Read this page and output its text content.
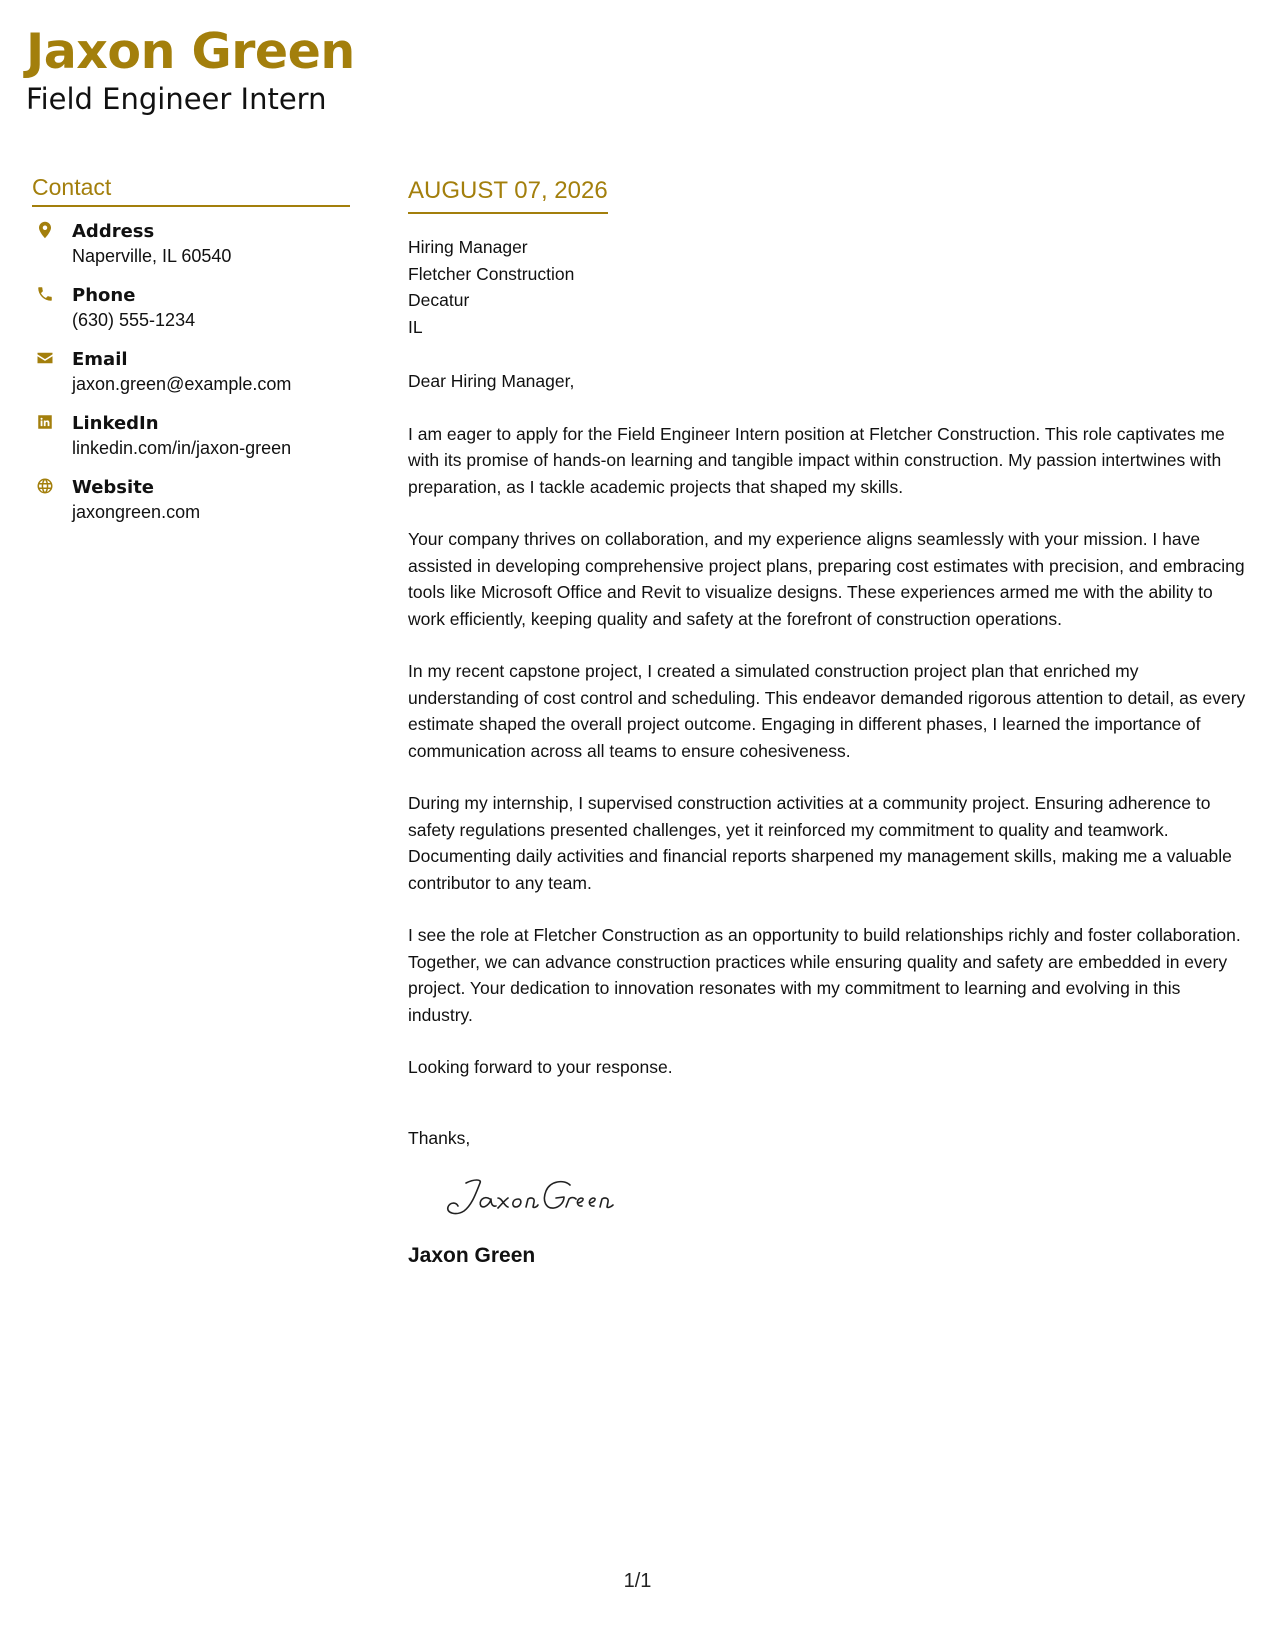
Jaxon Green
Field Engineer Intern
Contact
Address
Naperville, IL 60540
Phone
(630) 555-1234
Email
jaxon.green@example.com
LinkedIn
linkedin.com/in/jaxon-green
Website
jaxongreen.com
AUGUST 07, 2026
Hiring Manager
Fletcher Construction
Decatur
IL
Dear Hiring Manager,
I am eager to apply for the Field Engineer Intern position at Fletcher Construction. This role captivates me with its promise of hands-on learning and tangible impact within construction. My passion intertwines with preparation, as I tackle academic projects that shaped my skills.
Your company thrives on collaboration, and my experience aligns seamlessly with your mission. I have assisted in developing comprehensive project plans, preparing cost estimates with precision, and embracing tools like Microsoft Office and Revit to visualize designs. These experiences armed me with the ability to work efficiently, keeping quality and safety at the forefront of construction operations.
In my recent capstone project, I created a simulated construction project plan that enriched my understanding of cost control and scheduling. This endeavor demanded rigorous attention to detail, as every estimate shaped the overall project outcome. Engaging in different phases, I learned the importance of communication across all teams to ensure cohesiveness.
During my internship, I supervised construction activities at a community project. Ensuring adherence to safety regulations presented challenges, yet it reinforced my commitment to quality and teamwork. Documenting daily activities and financial reports sharpened my management skills, making me a valuable contributor to any team.
I see the role at Fletcher Construction as an opportunity to build relationships richly and foster collaboration. Together, we can advance construction practices while ensuring quality and safety are embedded in every project. Your dedication to innovation resonates with my commitment to learning and evolving in this industry.
Looking forward to your response.
Thanks,
Jaxon Green
1/1
